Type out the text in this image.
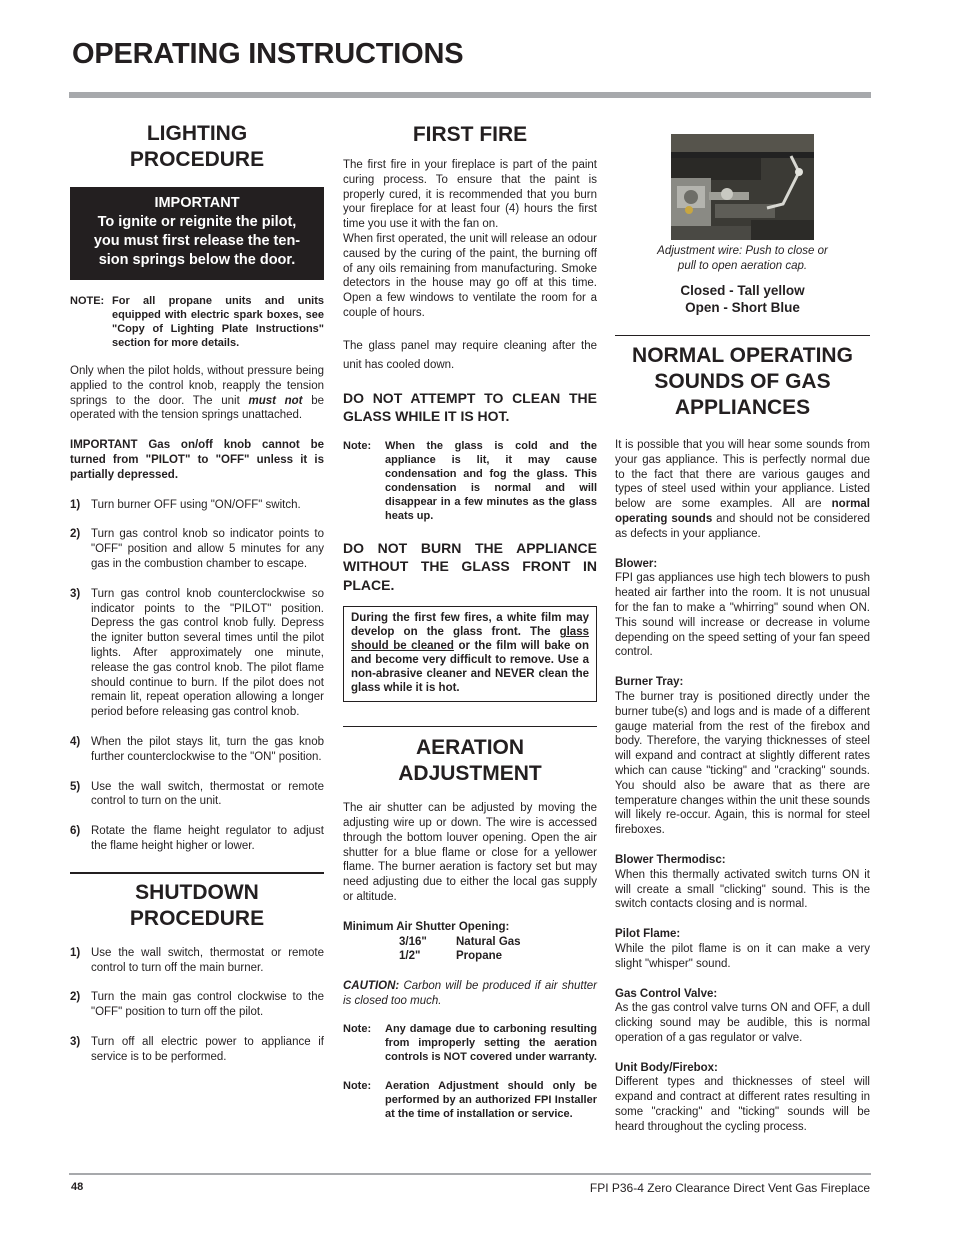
OPERATING INSTRUCTIONS
LIGHTING
PROCEDURE
IMPORTANT
To ignite or reignite the pilot,
you must first release the ten-
sion springs below the door.
NOTE: For all propane units and units equipped with electric spark boxes, see "Copy of Lighting Plate Instructions" section for more details.

Only when the pilot holds, without pressure being applied to the control knob, reapply the tension springs to the door. The unit must not be operated with the tension springs unattached.

IMPORTANT Gas on/off knob cannot be turned from "PILOT" to "OFF" unless it is partially depressed.

1) Turn burner OFF using "ON/OFF" switch.
2) Turn gas control knob so indicator points to "OFF" position and allow 5 minutes for any gas in the combustion chamber to escape.
3) Turn gas control knob counterclockwise so indicator points to the "PILOT" position. Depress the gas control knob fully. Depress the igniter button several times until the pilot lights. After approximately one minute, release the gas control knob. The pilot flame should continue to burn. If the pilot does not remain lit, repeat operation allowing a longer period before releasing gas control knob.
4) When the pilot stays lit, turn the gas knob further counterclockwise to the "ON" position.
5) Use the wall switch, thermostat or remote control to turn on the unit.
6) Rotate the flame height regulator to adjust the flame height higher or lower.
SHUTDOWN
PROCEDURE
1) Use the wall switch, thermostat or remote control to turn off the main burner.
2) Turn the main gas control clockwise to the "OFF" position to turn off the pilot.
3) Turn off all electric power to appliance if service is to be performed.
FIRST FIRE

The first fire in your fireplace is part of the paint curing process. To ensure that the paint is properly cured, it is recommended that you burn your fireplace for at least four (4) hours the first time you use it with the fan on.

When first operated, the unit will release an odour caused by the curing of the paint, the burning off of any oils remaining from manufacturing. Smoke detectors in the house may go off at this time. Open a few windows to ventilate the room for a couple of hours.

The glass panel may require cleaning after the unit has cooled down.

DO NOT ATTEMPT TO CLEAN THE GLASS WHILE IT IS HOT.
Note:	When the glass is cold and the appliance is lit, it may cause condensation and fog the glass. This condensation is normal and will disappear in a few minutes as the glass heats up.
DO NOT BURN THE APPLIANCE WITHOUT THE GLASS FRONT IN PLACE.
During the first few fires, a white film may develop on the glass front. The glass should be cleaned or the film will bake on and become very difficult to remove. Use a non-abrasive cleaner and NEVER clean the glass while it is hot.
AERATION
ADJUSTMENT

The air shutter can be adjusted by moving the adjusting wire up or down. The wire is accessed through the bottom louver opening. Open the air shutter for a blue flame or close for a yellower flame. The burner aeration is factory set but may need adjusting due to either the local gas supply or altitude.

Minimum Air Shutter Opening:
3/16"	Natural Gas
1/2"	Propane

CAUTION: Carbon will be produced if air shutter is closed too much.

Note:	Any damage due to carboning resulting from improperly setting the aeration controls is NOT covered under warranty.
Note:	Aeration Adjustment should only be performed by an authorized FPI Installer at the time of installation or service.
Adjustment wire: Push to close or
pull to open aeration cap.
Closed - Tall yellow
Open - Short Blue
NORMAL OPERATING
SOUNDS OF GAS
APPLIANCES

It is possible that you will hear some sounds from your gas appliance. This is perfectly normal due to the fact that there are various gauges and types of steel used within your appliance. Listed below are some examples. All are normal operating sounds and should not be considered as defects in your appliance.

Blower:

FPI gas appliances use high tech blowers to push heated air farther into the room. It is not unusual for the fan to make a "whirring" sound when ON. This sound will increase or decrease in volume depending on the speed setting of your fan speed control.

Burner Tray:

The burner tray is positioned directly under the burner tube(s) and logs and is made of a different gauge material from the rest of the firebox and body. Therefore, the varying thicknesses of steel will expand and contract at slightly different rates which can cause "ticking" and "cracking" sounds. You should also be aware that as there are temperature changes within the unit these sounds will likely re-occur. Again, this is normal for steel fireboxes.

Blower Thermodisc:

When this thermally activated switch turns ON it will create a small "clicking" sound. This is the switch contacts closing and is normal.

Pilot Flame:

While the pilot flame is on it can make a very slight "whisper" sound.

Gas Control Valve:

As the gas control valve turns ON and OFF, a dull clicking sound may be audible, this is normal operation of a gas regulator or valve.

Unit Body/Firebox:

Different types and thicknesses of steel will expand and contract at different rates resulting in some "cracking" and "ticking" sounds will be heard throughout the cycling process.

48	FPI P36-4 Zero Clearance Direct Vent Gas Fireplace
